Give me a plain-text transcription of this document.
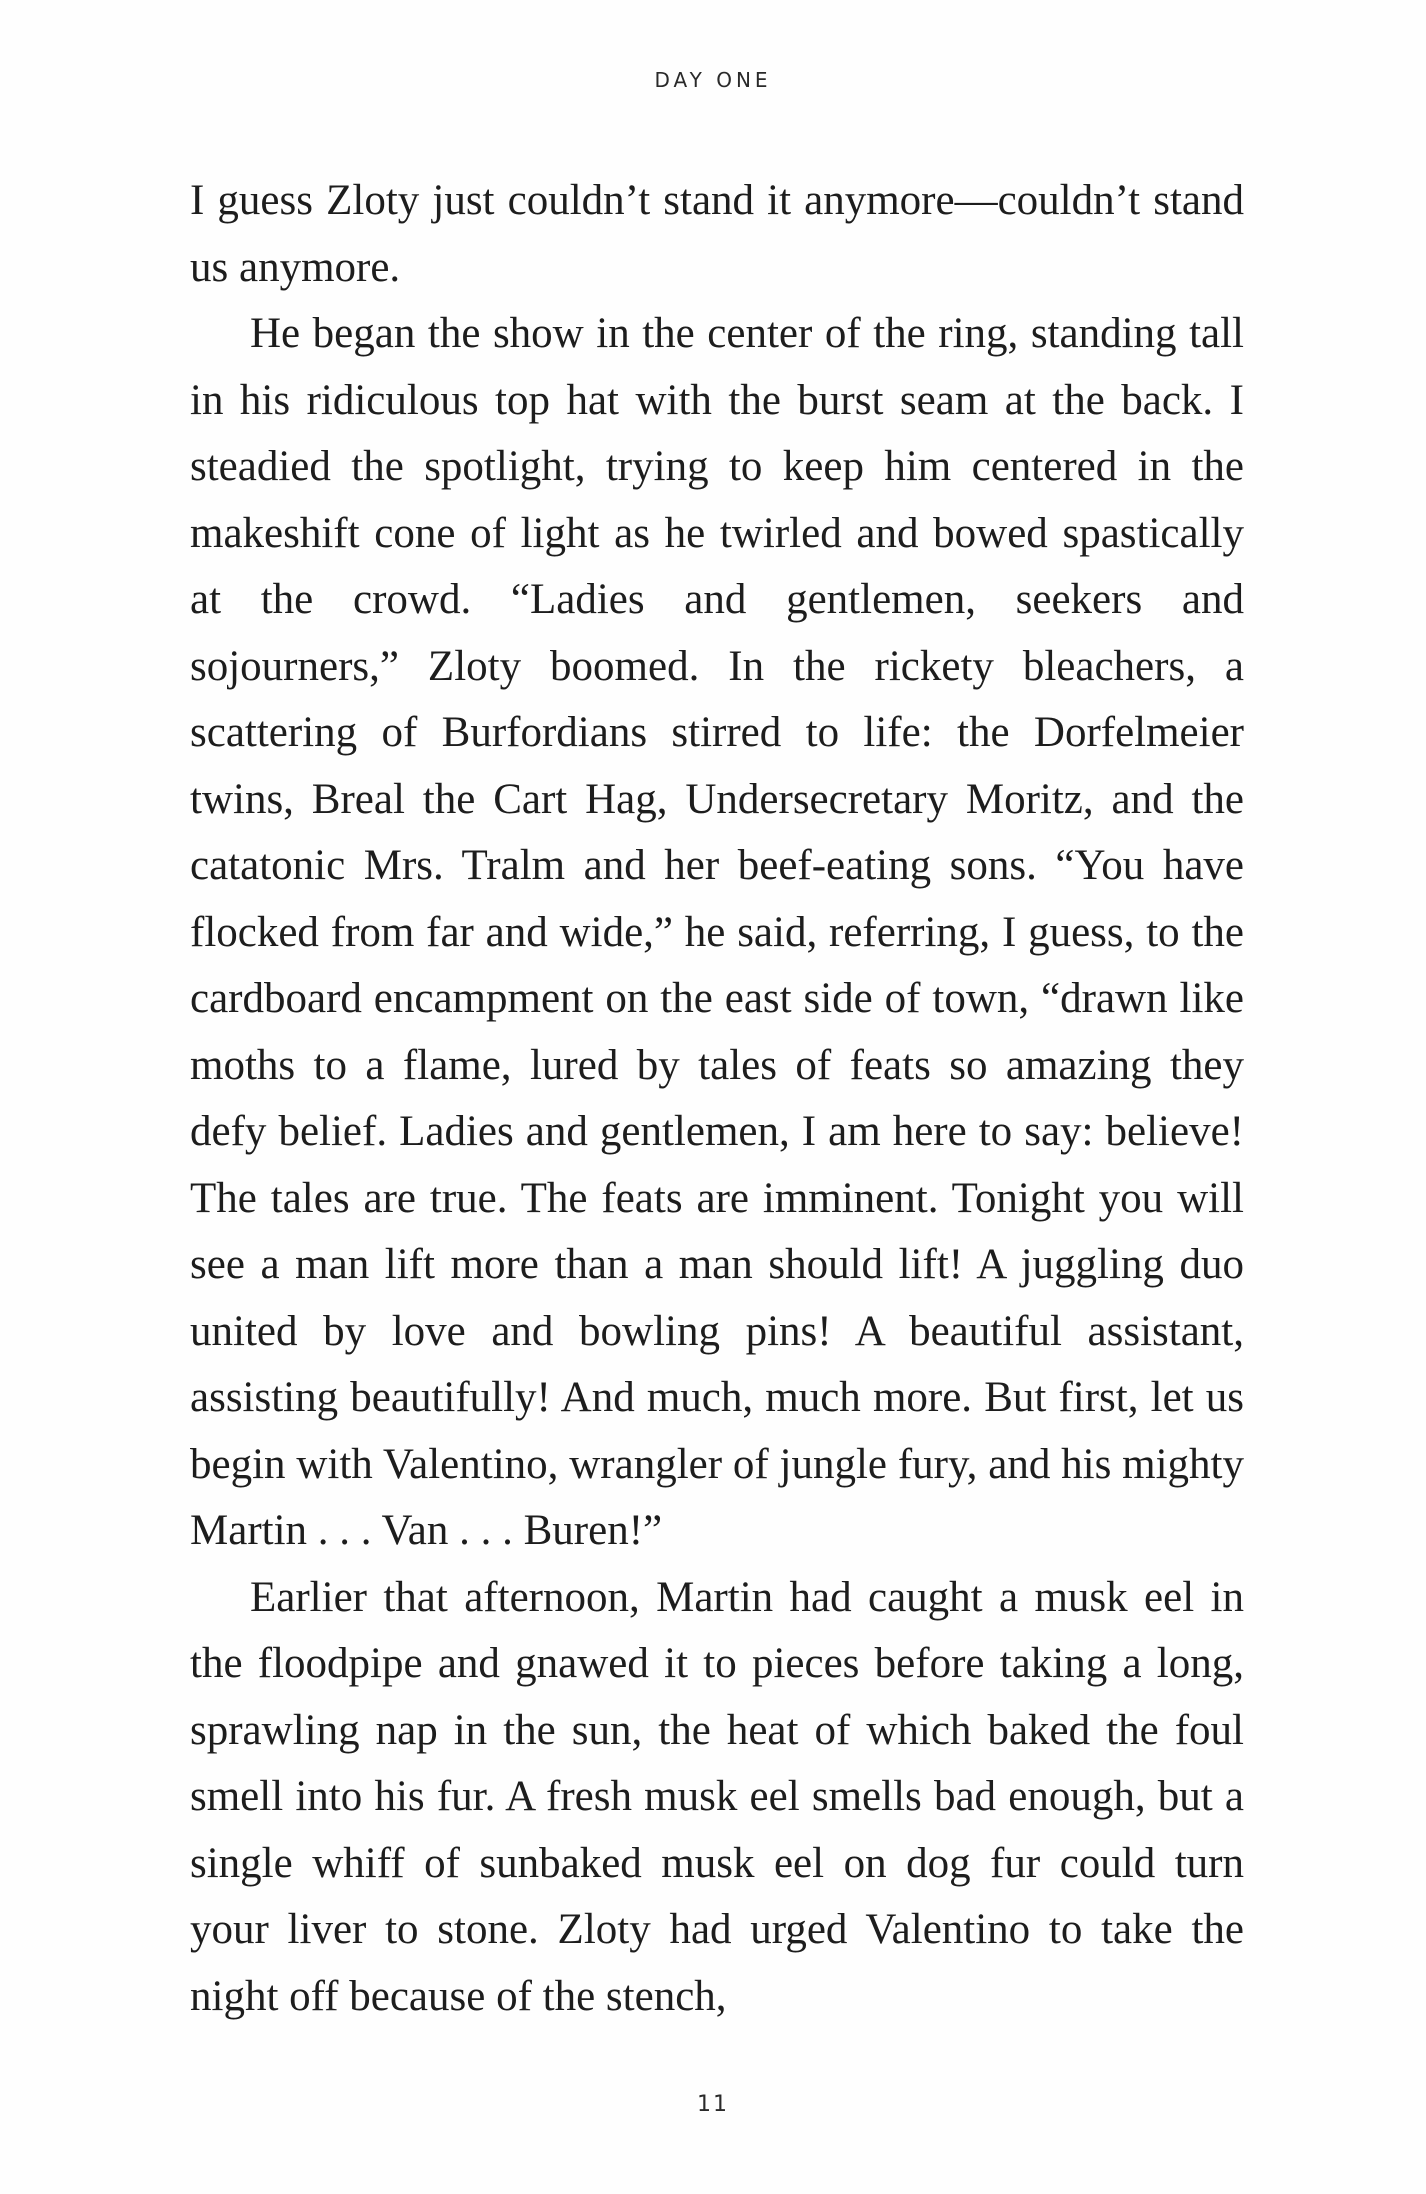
DAY ONE

I guess Zloty just couldn’t stand it anymore—couldn’t stand us anymore.

He began the show in the center of the ring, standing tall in his ridiculous top hat with the burst seam at the back. I steadied the spotlight, trying to keep him centered in the makeshift cone of light as he twirled and bowed spastically at the crowd. “Ladies and gentlemen, seekers and sojourners,” Zloty boomed. In the rickety bleachers, a scattering of Burfordians stirred to life: the Dorfelmeier twins, Breal the Cart Hag, Undersecretary Moritz, and the catatonic Mrs. Tralm and her beef-eating sons. “You have flocked from far and wide,” he said, referring, I guess, to the cardboard encampment on the east side of town, “drawn like moths to a flame, lured by tales of feats so amazing they defy belief. Ladies and gentlemen, I am here to say: believe! The tales are true. The feats are imminent. Tonight you will see a man lift more than a man should lift! A juggling duo united by love and bowling pins! A beautiful assistant, assisting beautifully! And much, much more. But first, let us begin with Valentino, wrangler of jungle fury, and his mighty Martin . . . Van . . . Buren!”

Earlier that afternoon, Martin had caught a musk eel in the floodpipe and gnawed it to pieces before taking a long, sprawling nap in the sun, the heat of which baked the foul smell into his fur. A fresh musk eel smells bad enough, but a single whiff of sunbaked musk eel on dog fur could turn your liver to stone. Zloty had urged Valentino to take the night off because of the stench,

11
